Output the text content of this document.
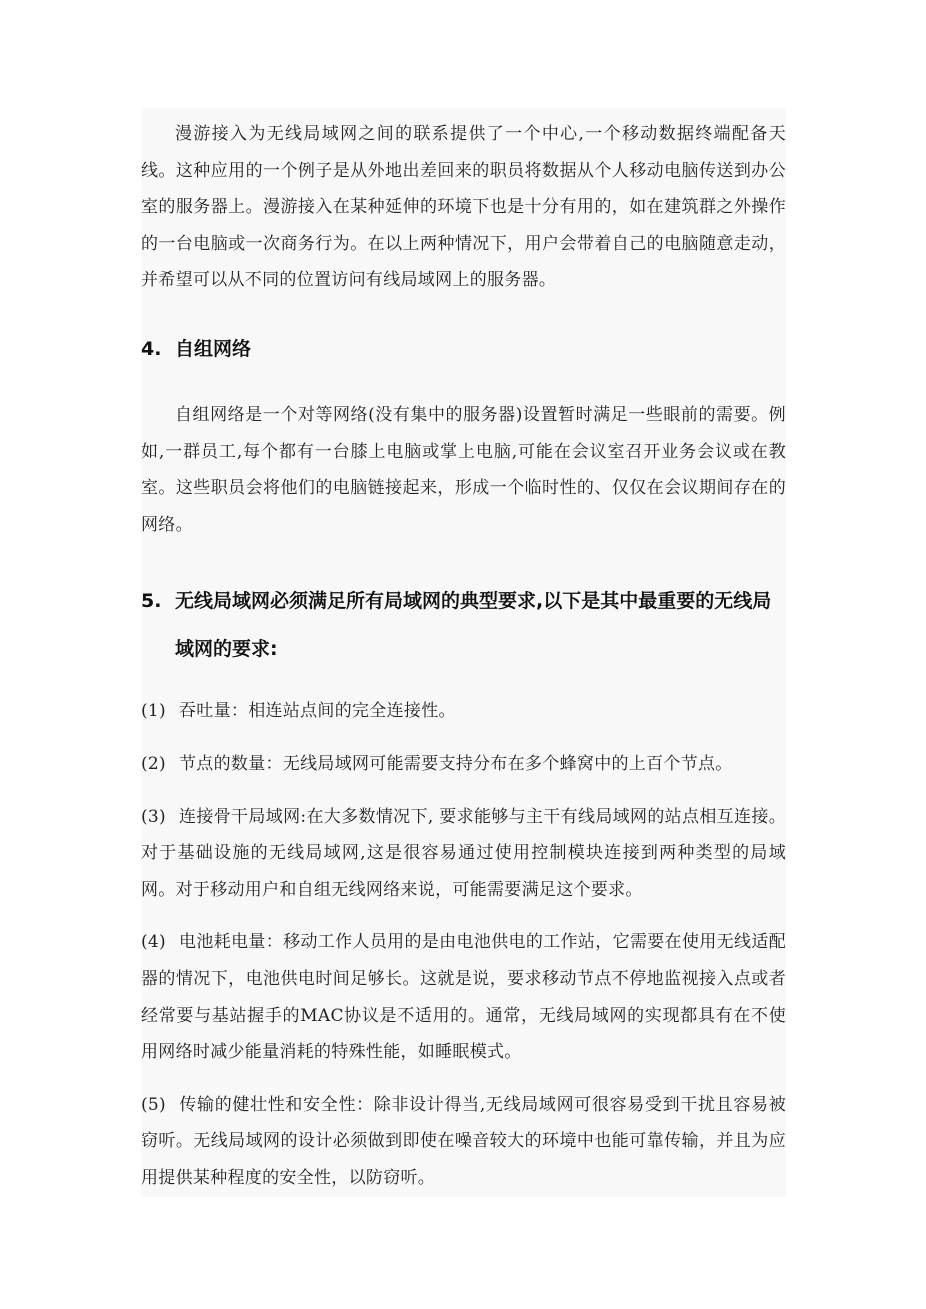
漫游接入为无线局域网之间的联系提供了一个中心,一个移动数据终端配备天线。这种应用的一个例子是从外地出差回来的职员将数据从个人移动电脑传送到办公室的服务器上。漫游接入在某种延伸的环境下也是十分有用的，如在建筑群之外操作的一台电脑或一次商务行为。在以上两种情况下，用户会带着自己的电脑随意走动，并希望可以从不同的位置访问有线局域网上的服务器。

4. 自组网络

自组网络是一个对等网络(没有集中的服务器)设置暂时满足一些眼前的需要。例如,一群员工,每个都有一台膝上电脑或掌上电脑,可能在会议室召开业务会议或在教室。这些职员会将他们的电脑链接起来，形成一个临时性的、仅仅在会议期间存在的网络。

5. 无线局域网必须满足所有局域网的典型要求,以下是其中最重要的无线局域网的要求:

(1) 吞吐量：相连站点间的完全连接性。

(2) 节点的数量：无线局域网可能需要支持分布在多个蜂窝中的上百个节点。

(3) 连接骨干局域网:在大多数情况下, 要求能够与主干有线局域网的站点相互连接。对于基础设施的无线局域网,这是很容易通过使用控制模块连接到两种类型的局域网。对于移动用户和自组无线网络来说，可能需要满足这个要求。

(4) 电池耗电量：移动工作人员用的是由电池供电的工作站，它需要在使用无线适配器的情况下，电池供电时间足够长。这就是说，要求移动节点不停地监视接入点或者经常要与基站握手的MAC协议是不适用的。通常，无线局域网的实现都具有在不使用网络时减少能量消耗的特殊性能，如睡眠模式。

(5) 传输的健壮性和安全性：除非设计得当,无线局域网可很容易受到干扰且容易被窃听。无线局域网的设计必须做到即使在噪音较大的环境中也能可靠传输，并且为应用提供某种程度的安全性，以防窃听。
